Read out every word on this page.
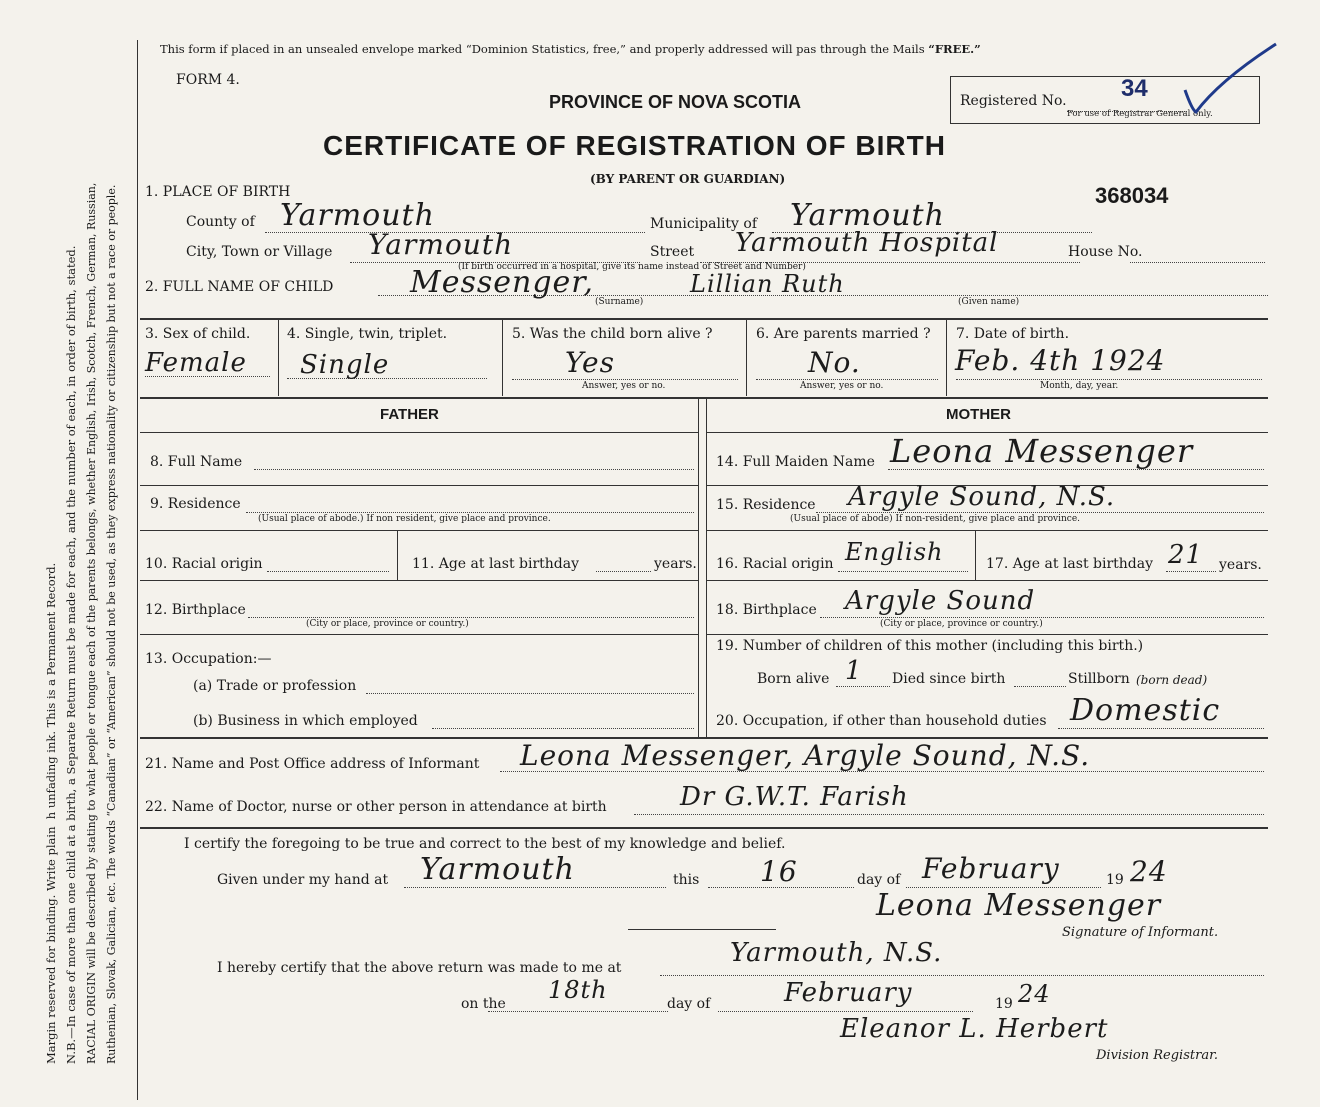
Margin reserved for binding. Write plain  h unfading ink. This is a Permanent Record.
N.B.—In case of more than one child at a birth, a Separate Return must be made for each, and the number of each, in order of birth, stated. RACIAL ORIGIN will be described by stating to what people or tongue each of the parents belongs, whether English, Irish, Scotch, French, German, Russian, Ruthenian, Slovak, Galician, etc. The words “Canadian” or “American” should not be used, as they express nationality or citizenship but not a race or people.
This form if placed in an unsealed envelope marked “Dominion Statistics, free,” and properly addressed will pas through the Mails “FREE.”
FORM 4.
PROVINCE OF NOVA SCOTIA	Registered No. 34
For use of Registrar General only.
CERTIFICATE OF REGISTRATION OF BIRTH
(BY PARENT OR GUARDIAN)
368034
1. PLACE OF BIRTH
County of Yarmouth	Municipality of Yarmouth
City, Town or Village Yarmouth	Street Yarmouth Hospital	House No.
(If birth occurred in a hospital, give its name instead of Street and Number)
2. FULL NAME OF CHILD	Messenger,	Lillian Ruth
(Surname)	(Given name)
3. Sex of child.
Female
4. Single, twin, triplet.
Single
5. Was the child born alive ?
Yes
Answer, yes or no.
6. Are parents married ?
No.
Answer, yes or no.
7. Date of birth.
Feb. 4th 1924
Month, day, year.
FATHER	MOTHER
8. Full Name
9. Residence
(Usual place of abode.) If non resident, give place and province.
10. Racial origin	11. Age at last birthday	years.
12. Birthplace
(City or place, province or country.)
13. Occupation:—
(a) Trade or profession
(b) Business in which employed
14. Full Maiden Name Leona Messenger
15. Residence Argyle Sound, N.S.
(Usual place of abode) If non-resident, give place and province.
16. Racial origin English	17. Age at last birthday 21 years.
18. Birthplace Argyle Sound
(City or place, province or country.)
19. Number of children of this mother (including this birth.)
Born alive 1 Died since birth	Stillborn (born dead)
20. Occupation, if other than household duties Domestic
21. Name and Post Office address of Informant Leona Messenger, Argyle Sound, N.S.
22. Name of Doctor, nurse or other person in attendance at birth	Dr G.W.T. Farish
I certify the foregoing to be true and correct to the best of my knowledge and belief.
Given under my hand at Yarmouth	this 16	day of February	19 24
Leona Messenger
Signature of Informant.
I hereby certify that the above return was made to me at	Yarmouth, N.S.
on the 18th	day of	February	19 24
Eleanor L. Herbert
Division Registrar.
